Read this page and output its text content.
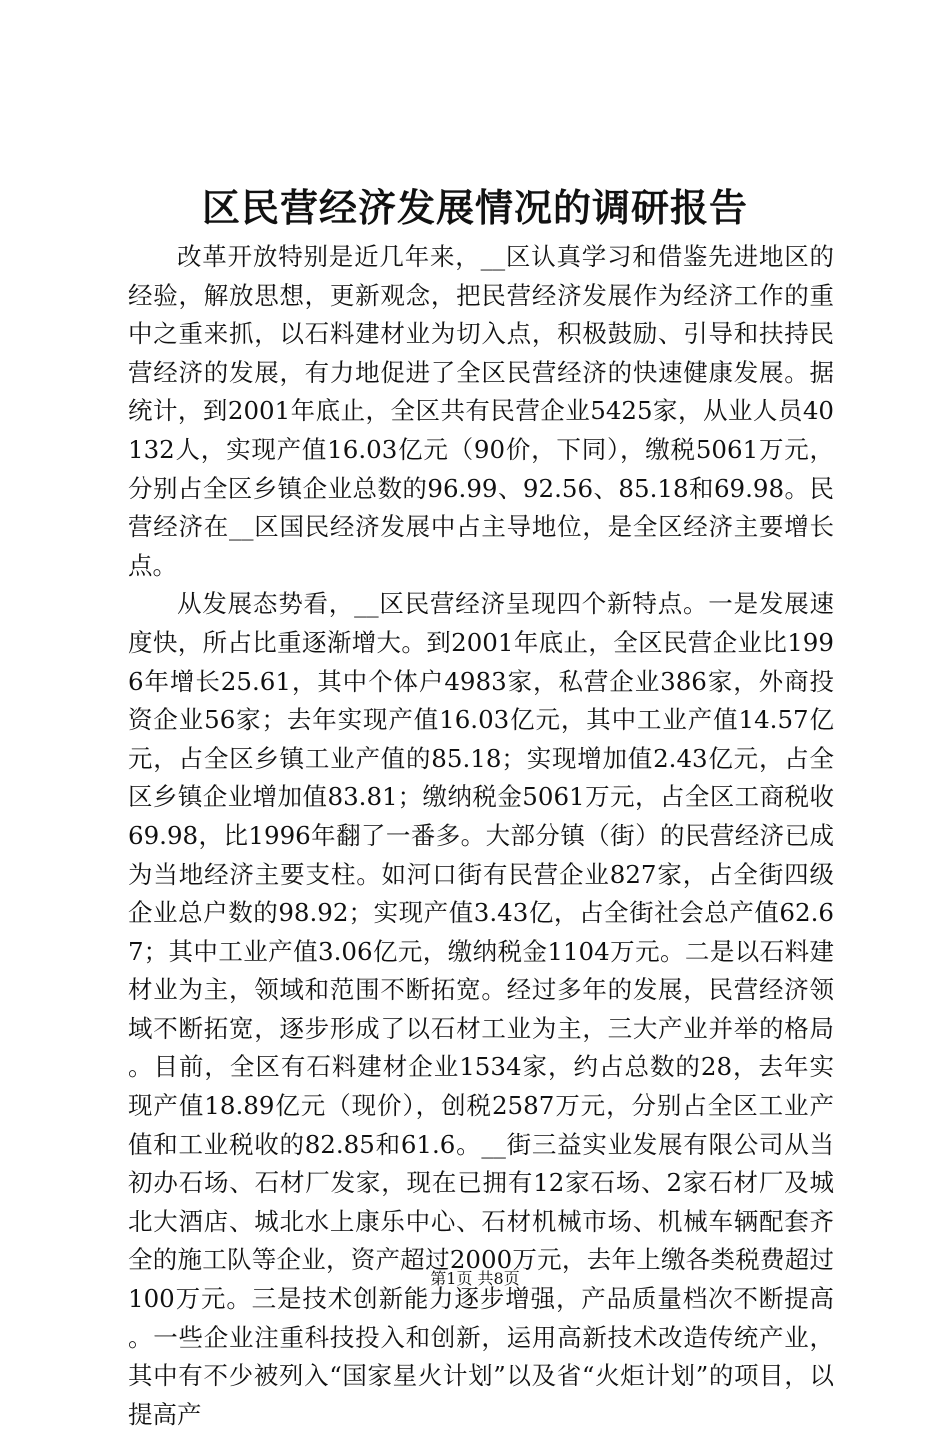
区民营经济发展情况的调研报告

改革开放特别是近几年来，__区认真学习和借鉴先进地区的经验，解放思想，更新观念，把民营经济发展作为经济工作的重中之重来抓，以石料建材业为切入点，积极鼓励、引导和扶持民营经济的发展，有力地促进了全区民营经济的快速健康发展。据统计，到2001年底止，全区共有民营企业5425家，从业人员40132人，实现产值16.03亿元（90价，下同），缴税5061万元，分别占全区乡镇企业总数的96.99、92.56、85.18和69.98。民营经济在__区国民经济发展中占主导地位，是全区经济主要增长点。

从发展态势看，__区民营经济呈现四个新特点。一是发展速度快，所占比重逐渐增大。到2001年底止，全区民营企业比1996年增长25.61，其中个体户4983家，私营企业386家，外商投资企业56家；去年实现产值16.03亿元，其中工业产值14.57亿元，占全区乡镇工业产值的85.18；实现增加值2.43亿元，占全区乡镇企业增加值83.81；缴纳税金5061万元，占全区工商税收69.98，比1996年翻了一番多。大部分镇（街）的民营经济已成为当地经济主要支柱。如河口街有民营企业827家，占全街四级企业总户数的98.92；实现产值3.43亿，占全街社会总产值62.67；其中工业产值3.06亿元，缴纳税金1104万元。二是以石料建材业为主，领域和范围不断拓宽。经过多年的发展，民营经济领域不断拓宽，逐步形成了以石材工业为主，三大产业并举的格局。目前，全区有石料建材企业1534家，约占总数的28，去年实现产值18.89亿元（现价），创税2587万元，分别占全区工业产值和工业税收的82.85和61.6。__街三益实业发展有限公司从当初办石场、石材厂发家，现在已拥有12家石场、2家石材厂及城北大酒店、城北水上康乐中心、石材机械市场、机械车辆配套齐全的施工队等企业，资产超过2000万元，去年上缴各类税费超过100万元。三是技术创新能力逐步增强，产品质量档次不断提高。一些企业注重科技投入和创新，运用高新技术改造传统产业，其中有不少被列入“国家星火计划”以及省“火炬计划”的项目，以提高产

第1页 共8页
